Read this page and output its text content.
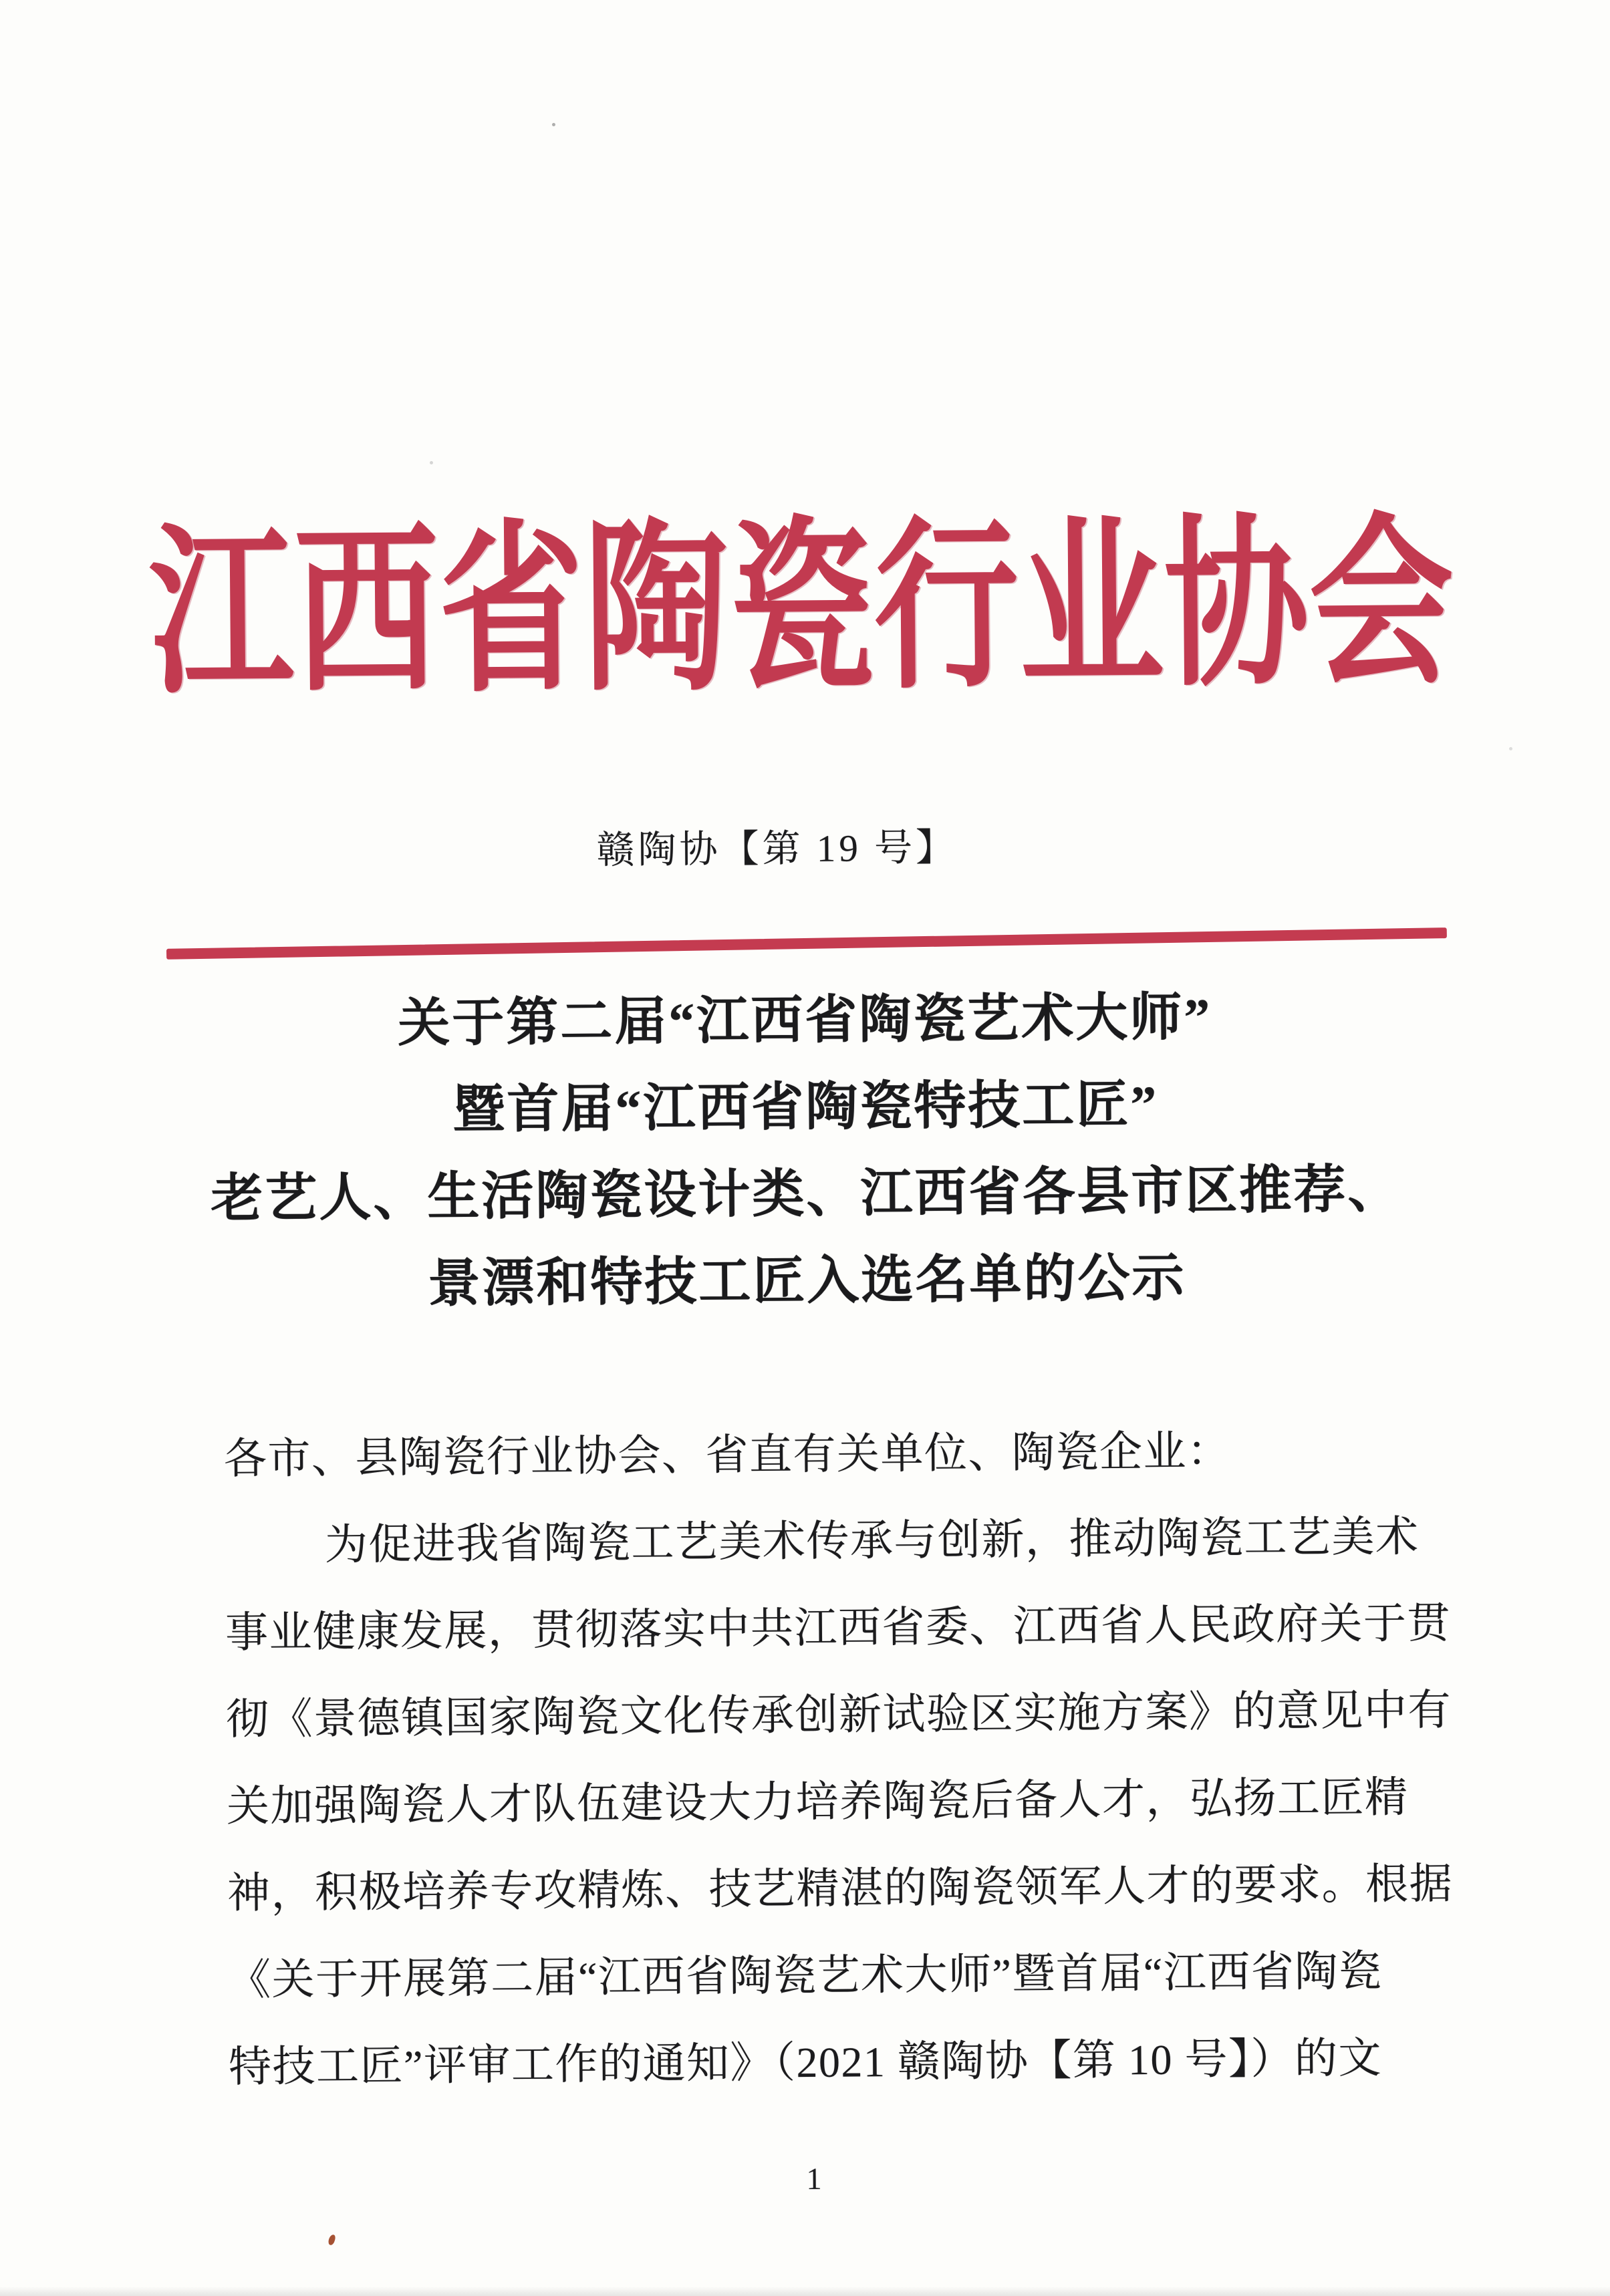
江西省陶瓷行业协会
赣陶协【第 19 号】
关于第二届“江西省陶瓷艺术大师”
暨首届“江西省陶瓷特技工匠”
老艺人、生活陶瓷设计类、江西省各县市区推荐、
景漂和特技工匠入选名单的公示
各市、县陶瓷行业协会、省直有关单位、陶瓷企业：
为促进我省陶瓷工艺美术传承与创新，推动陶瓷工艺美术
事业健康发展，贯彻落实中共江西省委、江西省人民政府关于贯
彻《景德镇国家陶瓷文化传承创新试验区实施方案》的意见中有
关加强陶瓷人才队伍建设大力培养陶瓷后备人才，弘扬工匠精
神，积极培养专攻精炼、技艺精湛的陶瓷领军人才的要求。根据
《关于开展第二届“江西省陶瓷艺术大师”暨首届“江西省陶瓷
特技工匠”评审工作的通知》（2021 赣陶协【第 10 号】）的文
1
